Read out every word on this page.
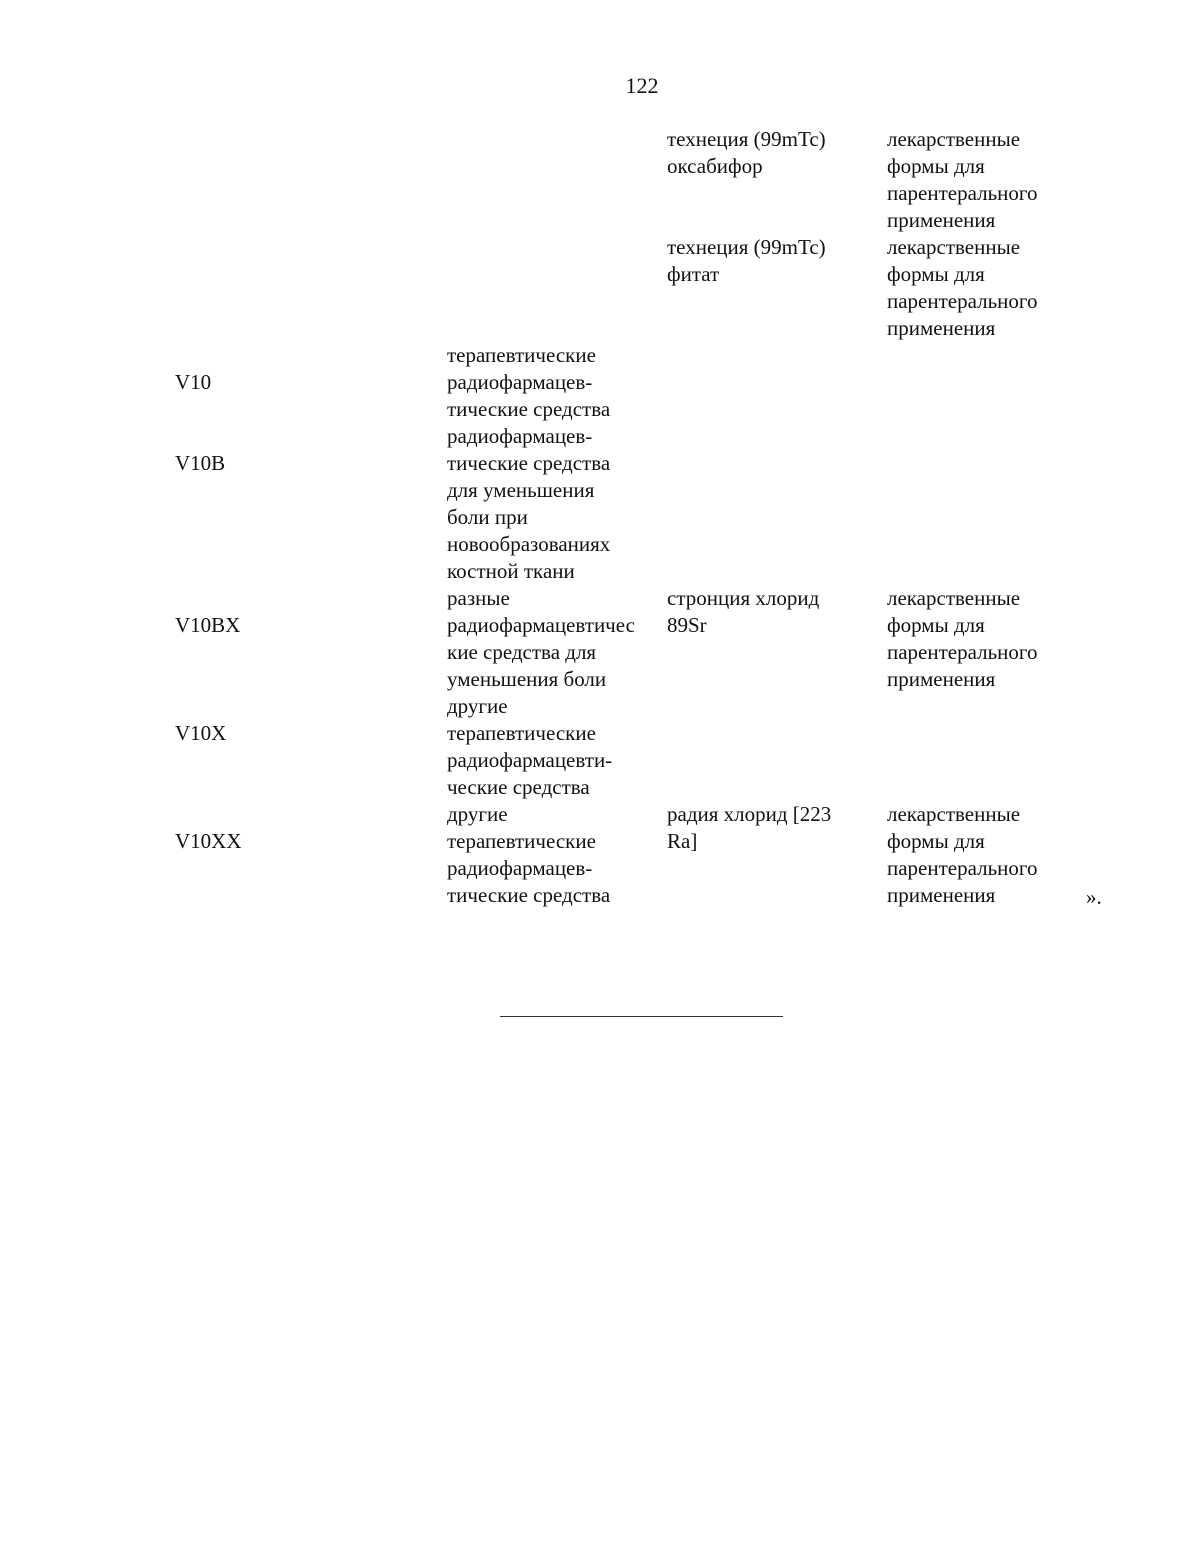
122
технеция (99mTc)
оксабифор
лекарственные
формы для
парентерального
применения
технеция (99mTc)
фитат
лекарственные
формы для
парентерального
применения
V10
терапевтические
радиофармацев-
тические средства
V10B
радиофармацев-
тические средства
для уменьшения
боли при
новообразованиях
костной ткани
V10BX
разные
радиофармацевтичес
кие средства для
уменьшения боли
стронция хлорид
89Sr
лекарственные
формы для
парентерального
применения
V10X
другие
терапевтические
радиофармацевти-
ческие средства
V10XX
другие
терапевтические
радиофармацев-
тические средства
радия хлорид [223
Ra]
лекарственные
формы для
парентерального
применения	».
